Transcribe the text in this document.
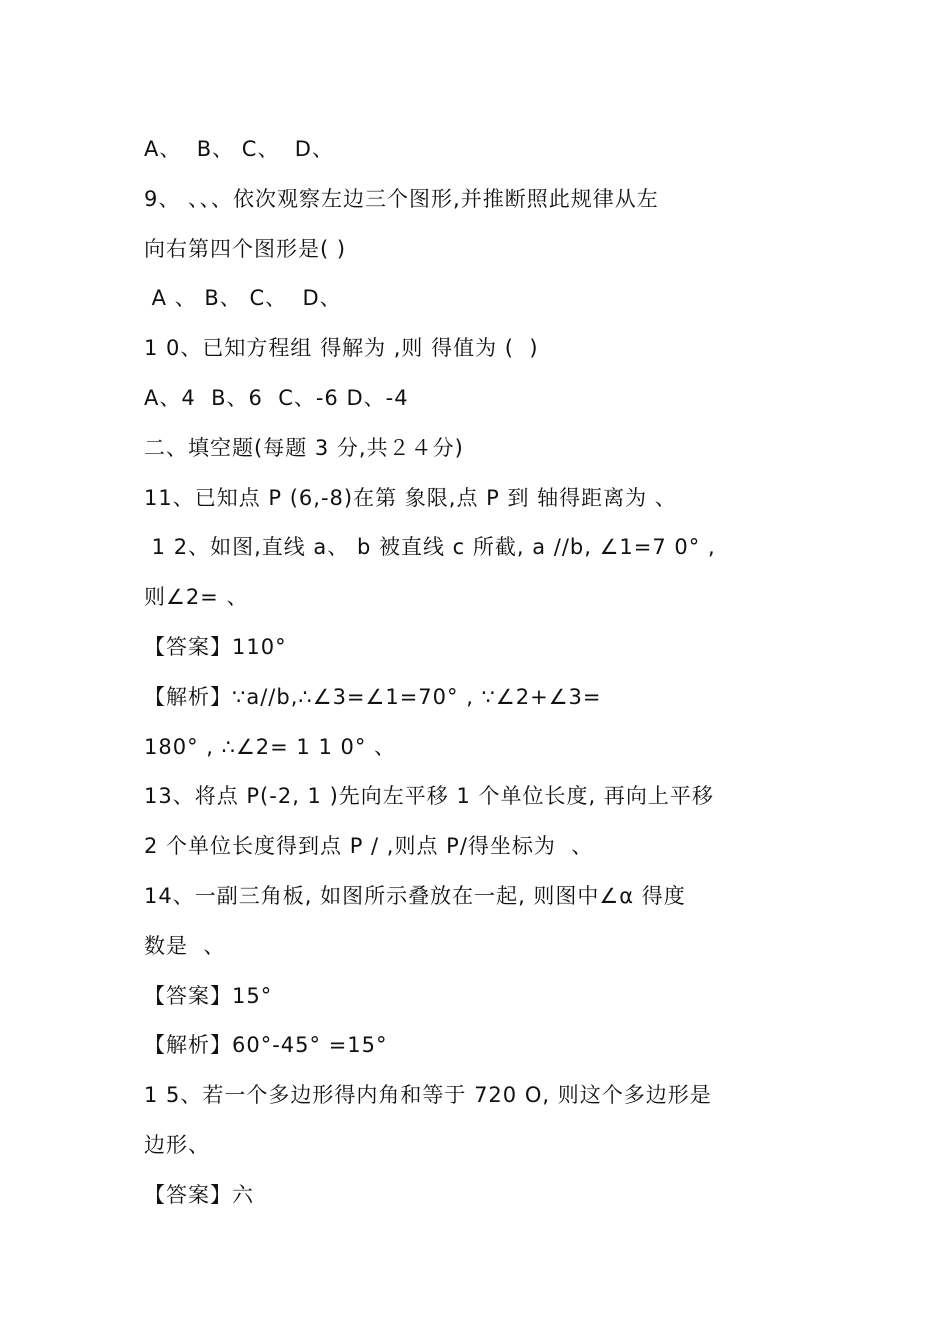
A、  B、 C、  D、
9、 、、、依次观察左边三个图形,并推断照此规律从左
向右第四个图形是( )
A 、 B、 C、  D、
1 0、已知方程组 得解为 ,则 得值为 (  )
A、4  B、6  C、-6 D、-4
二、填空题(每题 3 分,共２４分)
11、已知点 P (6,-8)在第 象限,点 P 到 轴得距离为 、
1 2、如图,直线 a、 b 被直线 c 所截, a //b, ∠1=7 0° ,
则∠2= 、
【答案】110°
【解析】∵a//b,∴∠3=∠1=70° , ∵∠2+∠3=
180° , ∴∠2= 1 1 0° 、
13、将点 P(-2, 1 )先向左平移 1 个单位长度, 再向上平移
2 个单位长度得到点 P / ,则点 P/得坐标为  、
14、一副三角板, 如图所示叠放在一起, 则图中∠α 得度
数是  、
【答案】15°
【解析】60°-45° =15°
1 5、若一个多边形得内角和等于 720 O, 则这个多边形是
边形、
【答案】六
